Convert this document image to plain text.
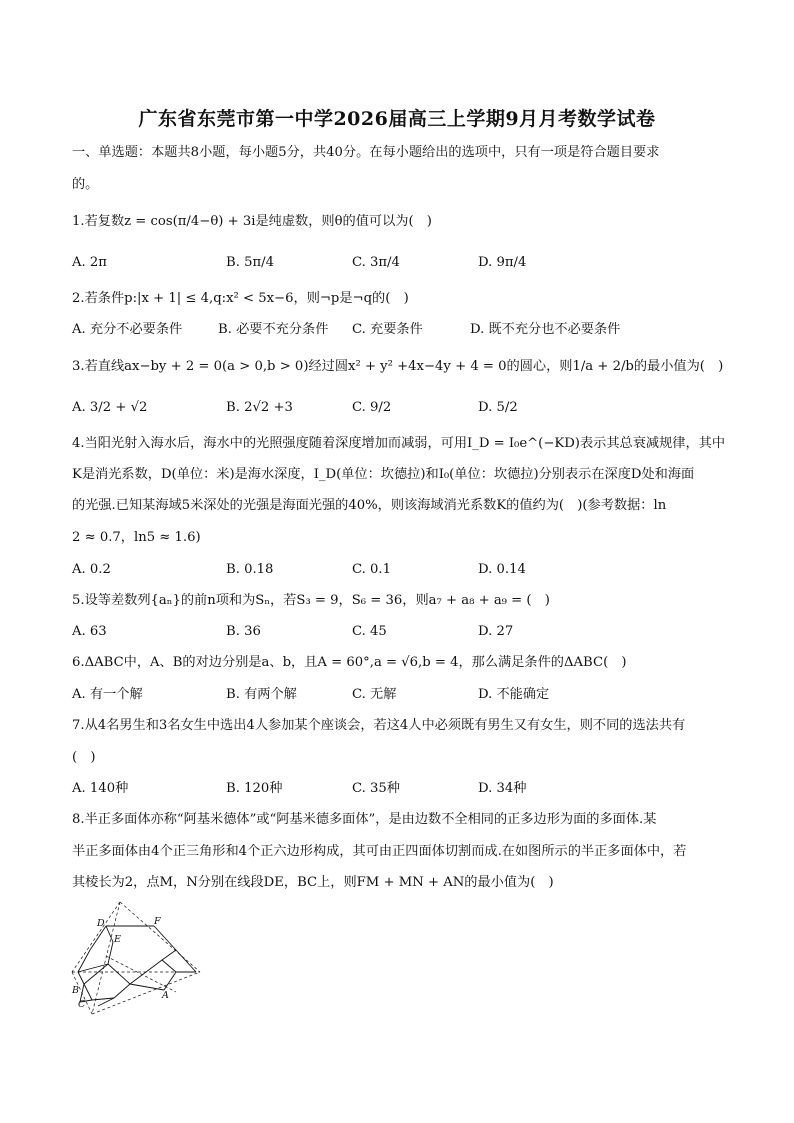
广东省东莞市第一中学2026届高三上学期9月月考数学试卷
一、单选题：本题共8小题，每小题5分，共40分。在每小题给出的选项中，只有一项是符合题目要求
的。
1.若复数z = cos(π/4−θ) + 3i是纯虚数，则θ的值可以为(　)
A. 2π	B. 5π/4	C. 3π/4	D. 9π/4
2.若条件p:|x + 1| ≤ 4,q:x² < 5x−6，则¬p是¬q的(　)
A. 充分不必要条件	B. 必要不充分条件 C. 充要条件	D. 既不充分也不必要条件
3.若直线ax−by + 2 = 0(a > 0,b > 0)经过圆x² + y² +4x−4y + 4 = 0的圆心，则1/a + 2/b的最小值为(　)
A. 3/2 + √2	B. 2√2 +3	C. 9/2	D. 5/2
4.当阳光射入海水后，海水中的光照强度随着深度增加而减弱，可用I_D = I₀e^(−KD)表示其总衰减规律，其中
K是消光系数，D(单位：米)是海水深度，I_D(单位：坎德拉)和I₀(单位：坎德拉)分别表示在深度D处和海面
的光强.已知某海域5米深处的光强是海面光强的40%，则该海域消光系数K的值约为(　)(参考数据：ln
2 ≈ 0.7，ln5 ≈ 1.6)
A. 0.2	B. 0.18	C. 0.1	D. 0.14
5.设等差数列{aₙ}的前n项和为Sₙ，若S₃ = 9，S₆ = 36，则a₇ + a₈ + a₉ = (　)
A. 63	B. 36	C. 45	D. 27
6.ΔABC中，A、B的对边分别是a、b，且A = 60°,a = √6,b = 4，那么满足条件的ΔABC(　)
A. 有一个解	B. 有两个解	C. 无解	D. 不能确定
7.从4名男生和3名女生中选出4人参加某个座谈会，若这4人中必须既有男生又有女生，则不同的选法共有
(　)
A. 140种	B. 120种	C. 35种	D. 34种
8.半正多面体亦称“阿基米德体”或“阿基米德多面体”，是由边数不全相同的正多边形为面的多面体.某
半正多面体由4个正三角形和4个正六边形构成，其可由正四面体切割而成.在如图所示的半正多面体中，若
其棱长为2，点M，N分别在线段DE，BC上，则FM + MN + AN的最小值为(　)
D	F
E
B
C
A
